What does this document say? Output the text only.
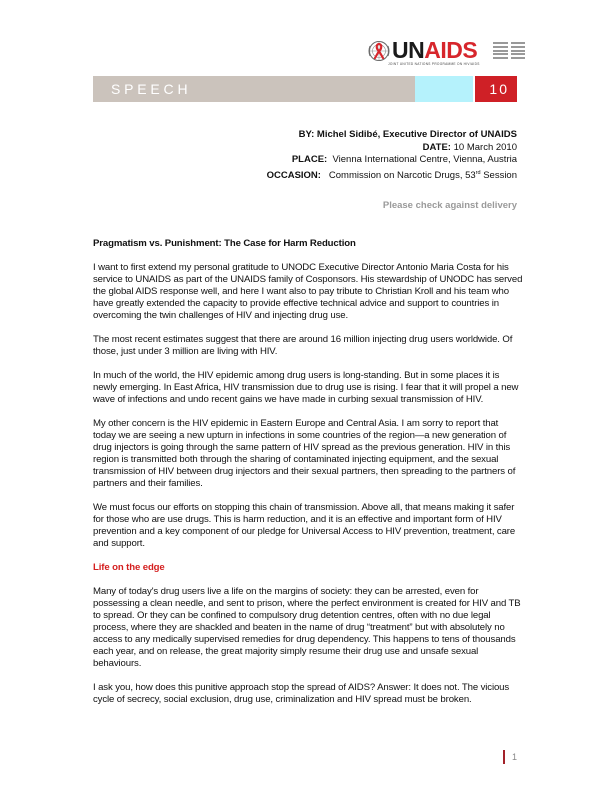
UNAIDS
JOINT UNITED NATIONS PROGRAMME ON HIV/AIDS
SPEECH	10
BY: Michel Sidibé, Executive Director of UNAIDS
DATE: 10 March 2010
PLACE: Vienna International Centre, Vienna, Austria
OCCASION: Commission on Narcotic Drugs, 53rd Session
Please check against delivery
Pragmatism vs. Punishment: The Case for Harm Reduction

I want to first extend my personal gratitude to UNODC Executive Director Antonio Maria Costa for his service to UNAIDS as part of the UNAIDS family of Cosponsors. His stewardship of UNODC has served the global AIDS response well, and here I want also to pay tribute to Christian Kroll and his team who have greatly extended the capacity to provide effective technical advice and support to countries in overcoming the twin challenges of HIV and injecting drug use.

The most recent estimates suggest that there are around 16 million injecting drug users worldwide. Of those, just under 3 million are living with HIV.

In much of the world, the HIV epidemic among drug users is long-standing. But in some places it is newly emerging. In East Africa, HIV transmission due to drug use is rising. I fear that it will propel a new wave of infections and undo recent gains we have made in curbing sexual transmission of HIV.

My other concern is the HIV epidemic in Eastern Europe and Central Asia. I am sorry to report that today we are seeing a new upturn in infections in some countries of the region—a new generation of drug injectors is going through the same pattern of HIV spread as the previous generation. HIV in this region is transmitted both through the sharing of contaminated injecting equipment, and the sexual transmission of HIV between drug injectors and their sexual partners, then spreading to the partners of partners and their families.

We must focus our efforts on stopping this chain of transmission. Above all, that means making it safer for those who are use drugs. This is harm reduction, and it is an effective and important form of HIV prevention and a key component of our pledge for Universal Access to HIV prevention, treatment, care and support.

Life on the edge

Many of today's drug users live a life on the margins of society: they can be arrested, even for possessing a clean needle, and sent to prison, where the perfect environment is created for HIV and TB to spread. Or they can be confined to compulsory drug detention centres, often with no due legal process, where they are shackled and beaten in the name of drug “treatment” but with absolutely no access to any medically supervised remedies for drug dependency. This happens to tens of thousands each year, and on release, the great majority simply resume their drug use and unsafe sexual behaviours.

I ask you, how does this punitive approach stop the spread of AIDS? Answer: It does not. The vicious cycle of secrecy, social exclusion, drug use, criminalization and HIV spread must be broken.

1
